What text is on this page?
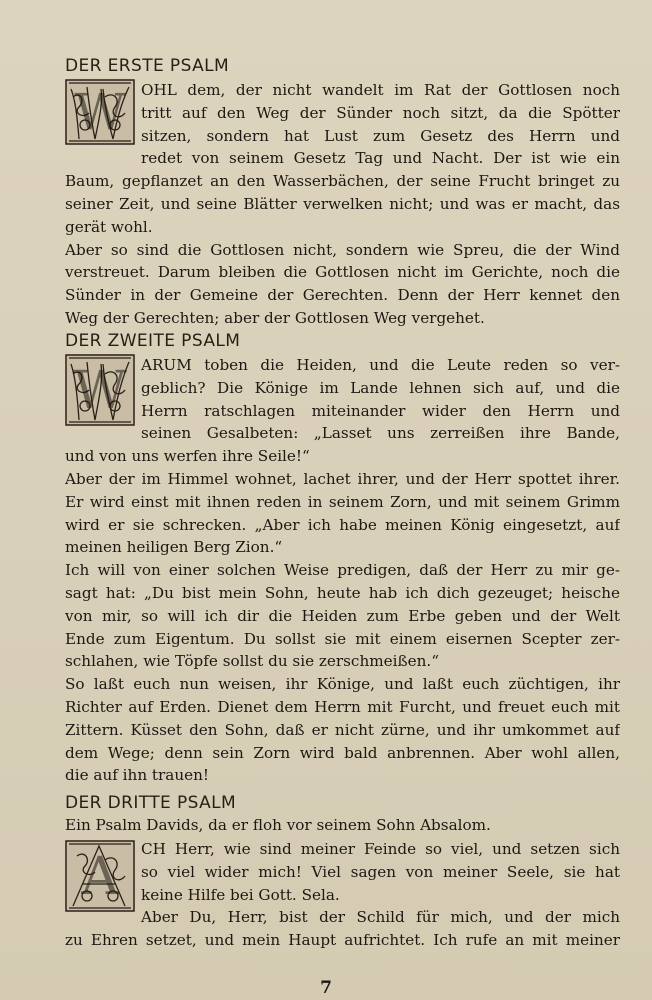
DER ERSTE PSALM
W	OHL dem, der nicht wandelt im Rat der Gottlosen noch
tritt auf den Weg der Sünder noch sitzt, da die Spötter
sitzen, sondern hat Lust zum Gesetz des Herrn und
redet von seinem Gesetz Tag und Nacht. Der ist wie ein
Baum, gepflanzet an den Wasserbächen, der seine Frucht bringet zu
seiner Zeit, und seine Blätter verwelken nicht; und was er macht, das
gerät wohl.
Aber so sind die Gottlosen nicht, sondern wie Spreu, die der Wind
verstreuet. Darum bleiben die Gottlosen nicht im Gerichte, noch die
Sünder in der Gemeine der Gerechten. Denn der Herr kennet den
Weg der Gerechten; aber der Gottlosen Weg vergehet.
DER ZWEITE PSALM
W ARUM toben die Heiden, und die Leute reden so ver-
geblich? Die Könige im Lande lehnen sich auf, und die
Herrn ratschlagen miteinander wider den Herrn und
seinen Gesalbeten: „Lasset uns zerreißen ihre Bande,
und von uns werfen ihre Seile!“
Aber der im Himmel wohnet, lachet ihrer, und der Herr spottet ihrer.
Er wird einst mit ihnen reden in seinem Zorn, und mit seinem Grimm
wird er sie schrecken. „Aber ich habe meinen König eingesetzt, auf
meinen heiligen Berg Zion.“
Ich will von einer solchen Weise predigen, daß der Herr zu mir ge-
sagt hat: „Du bist mein Sohn, heute hab ich dich gezeuget; heische
von mir, so will ich dir die Heiden zum Erbe geben und der Welt
Ende zum Eigentum. Du sollst sie mit einem eisernen Scepter zer-
schlahen, wie Töpfe sollst du sie zerschmeißen.“
So laßt euch nun weisen, ihr Könige, und laßt euch züchtigen, ihr
Richter auf Erden. Dienet dem Herrn mit Furcht, und freuet euch mit
Zittern. Küsset den Sohn, daß er nicht zürne, und ihr umkommet auf
dem Wege; denn sein Zorn wird bald anbrennen. Aber wohl allen,
die auf ihn trauen!
DER DRITTE PSALM
Ein Psalm Davids, da er floh vor seinem Sohn Absalom.
A	CH Herr, wie sind meiner Feinde so viel, und setzen sich
so viel wider mich! Viel sagen von meiner Seele, sie hat
keine Hilfe bei Gott. Sela.
Aber Du, Herr, bist der Schild für mich, und der mich
zu Ehren setzet, und mein Haupt aufrichtet. Ich rufe an mit meiner
7
